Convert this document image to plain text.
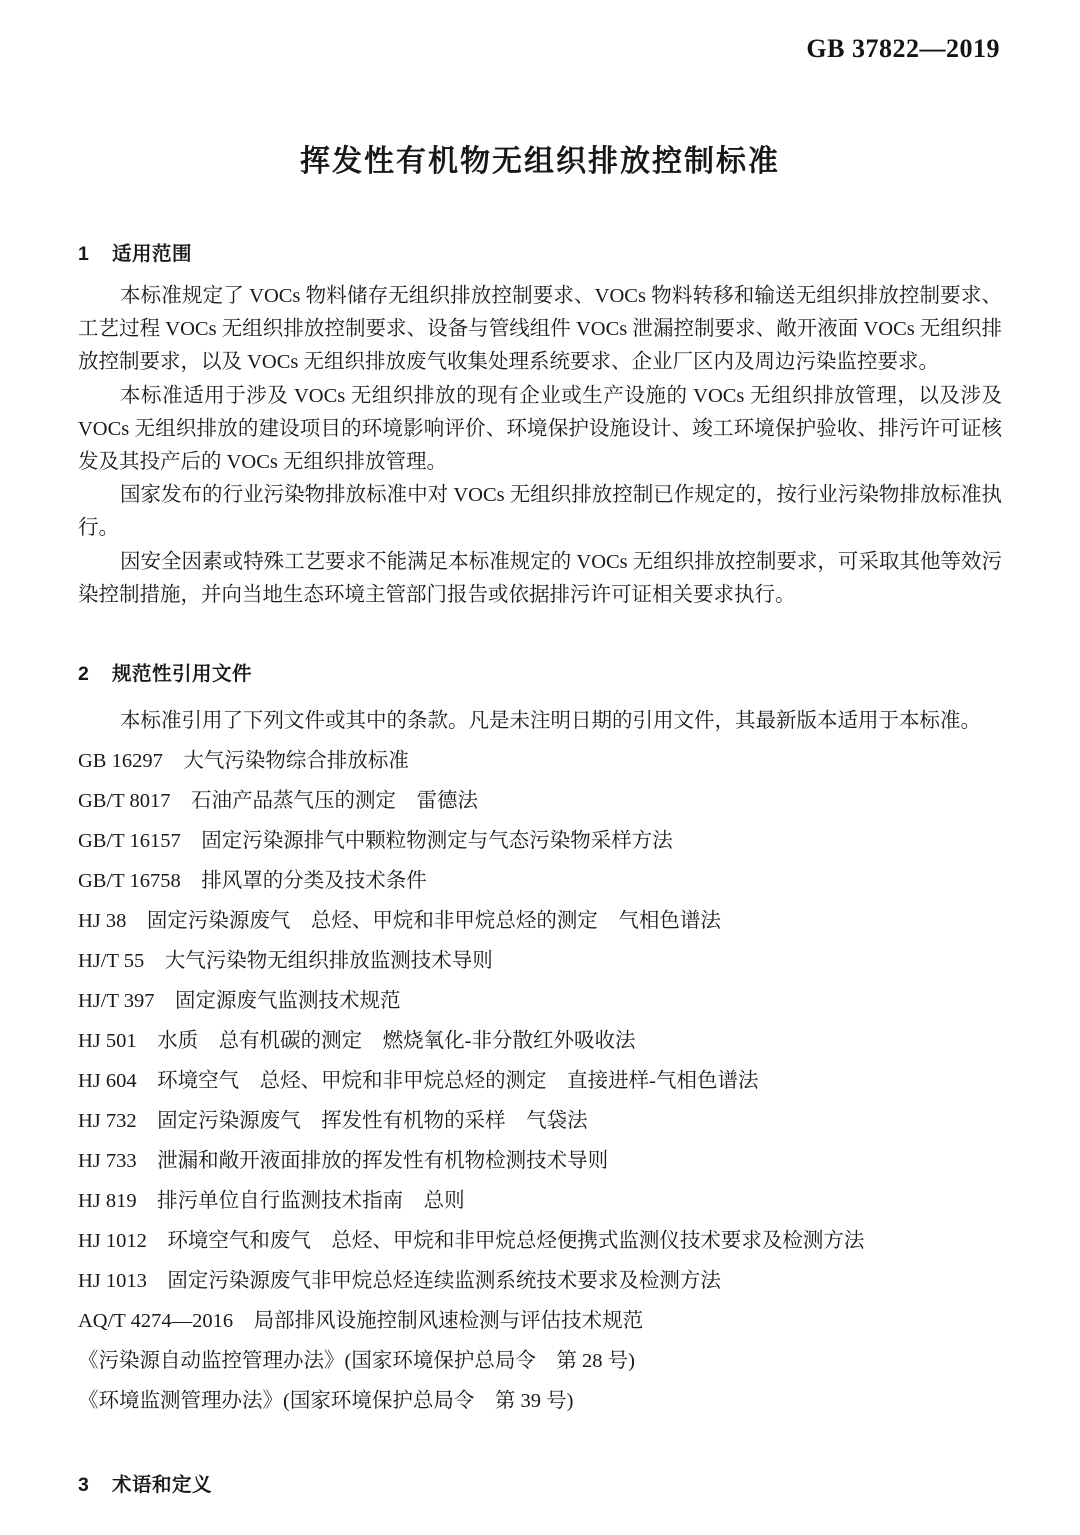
GB 37822—2019
挥发性有机物无组织排放控制标准
1 适用范围

本标准规定了 VOCs 物料储存无组织排放控制要求、VOCs 物料转移和输送无组织排放控制要求、工艺过程 VOCs 无组织排放控制要求、设备与管线组件 VOCs 泄漏控制要求、敞开液面 VOCs 无组织排放控制要求，以及 VOCs 无组织排放废气收集处理系统要求、企业厂区内及周边污染监控要求。

本标准适用于涉及 VOCs 无组织排放的现有企业或生产设施的 VOCs 无组织排放管理，以及涉及 VOCs 无组织排放的建设项目的环境影响评价、环境保护设施设计、竣工环境保护验收、排污许可证核发及其投产后的 VOCs 无组织排放管理。

国家发布的行业污染物排放标准中对 VOCs 无组织排放控制已作规定的，按行业污染物排放标准执行。

因安全因素或特殊工艺要求不能满足本标准规定的 VOCs 无组织排放控制要求，可采取其他等效污染控制措施，并向当地生态环境主管部门报告或依据排污许可证相关要求执行。

2 规范性引用文件
本标准引用了下列文件或其中的条款。凡是未注明日期的引用文件，其最新版本适用于本标准。
GB 16297　大气污染物综合排放标准
GB/T 8017　石油产品蒸气压的测定　雷德法
GB/T 16157　固定污染源排气中颗粒物测定与气态污染物采样方法
GB/T 16758　排风罩的分类及技术条件
HJ 38　固定污染源废气　总烃、甲烷和非甲烷总烃的测定　气相色谱法
HJ/T 55　大气污染物无组织排放监测技术导则
HJ/T 397　固定源废气监测技术规范
HJ 501　水质　总有机碳的测定　燃烧氧化-非分散红外吸收法
HJ 604　环境空气　总烃、甲烷和非甲烷总烃的测定　直接进样-气相色谱法
HJ 732　固定污染源废气　挥发性有机物的采样　气袋法
HJ 733　泄漏和敞开液面排放的挥发性有机物检测技术导则
HJ 819　排污单位自行监测技术指南　总则
HJ 1012　环境空气和废气　总烃、甲烷和非甲烷总烃便携式监测仪技术要求及检测方法
HJ 1013　固定污染源废气非甲烷总烃连续监测系统技术要求及检测方法
AQ/T 4274—2016　局部排风设施控制风速检测与评估技术规范
《污染源自动监控管理办法》(国家环境保护总局令　第 28 号)
《环境监测管理办法》(国家环境保护总局令　第 39 号)
3 术语和定义
